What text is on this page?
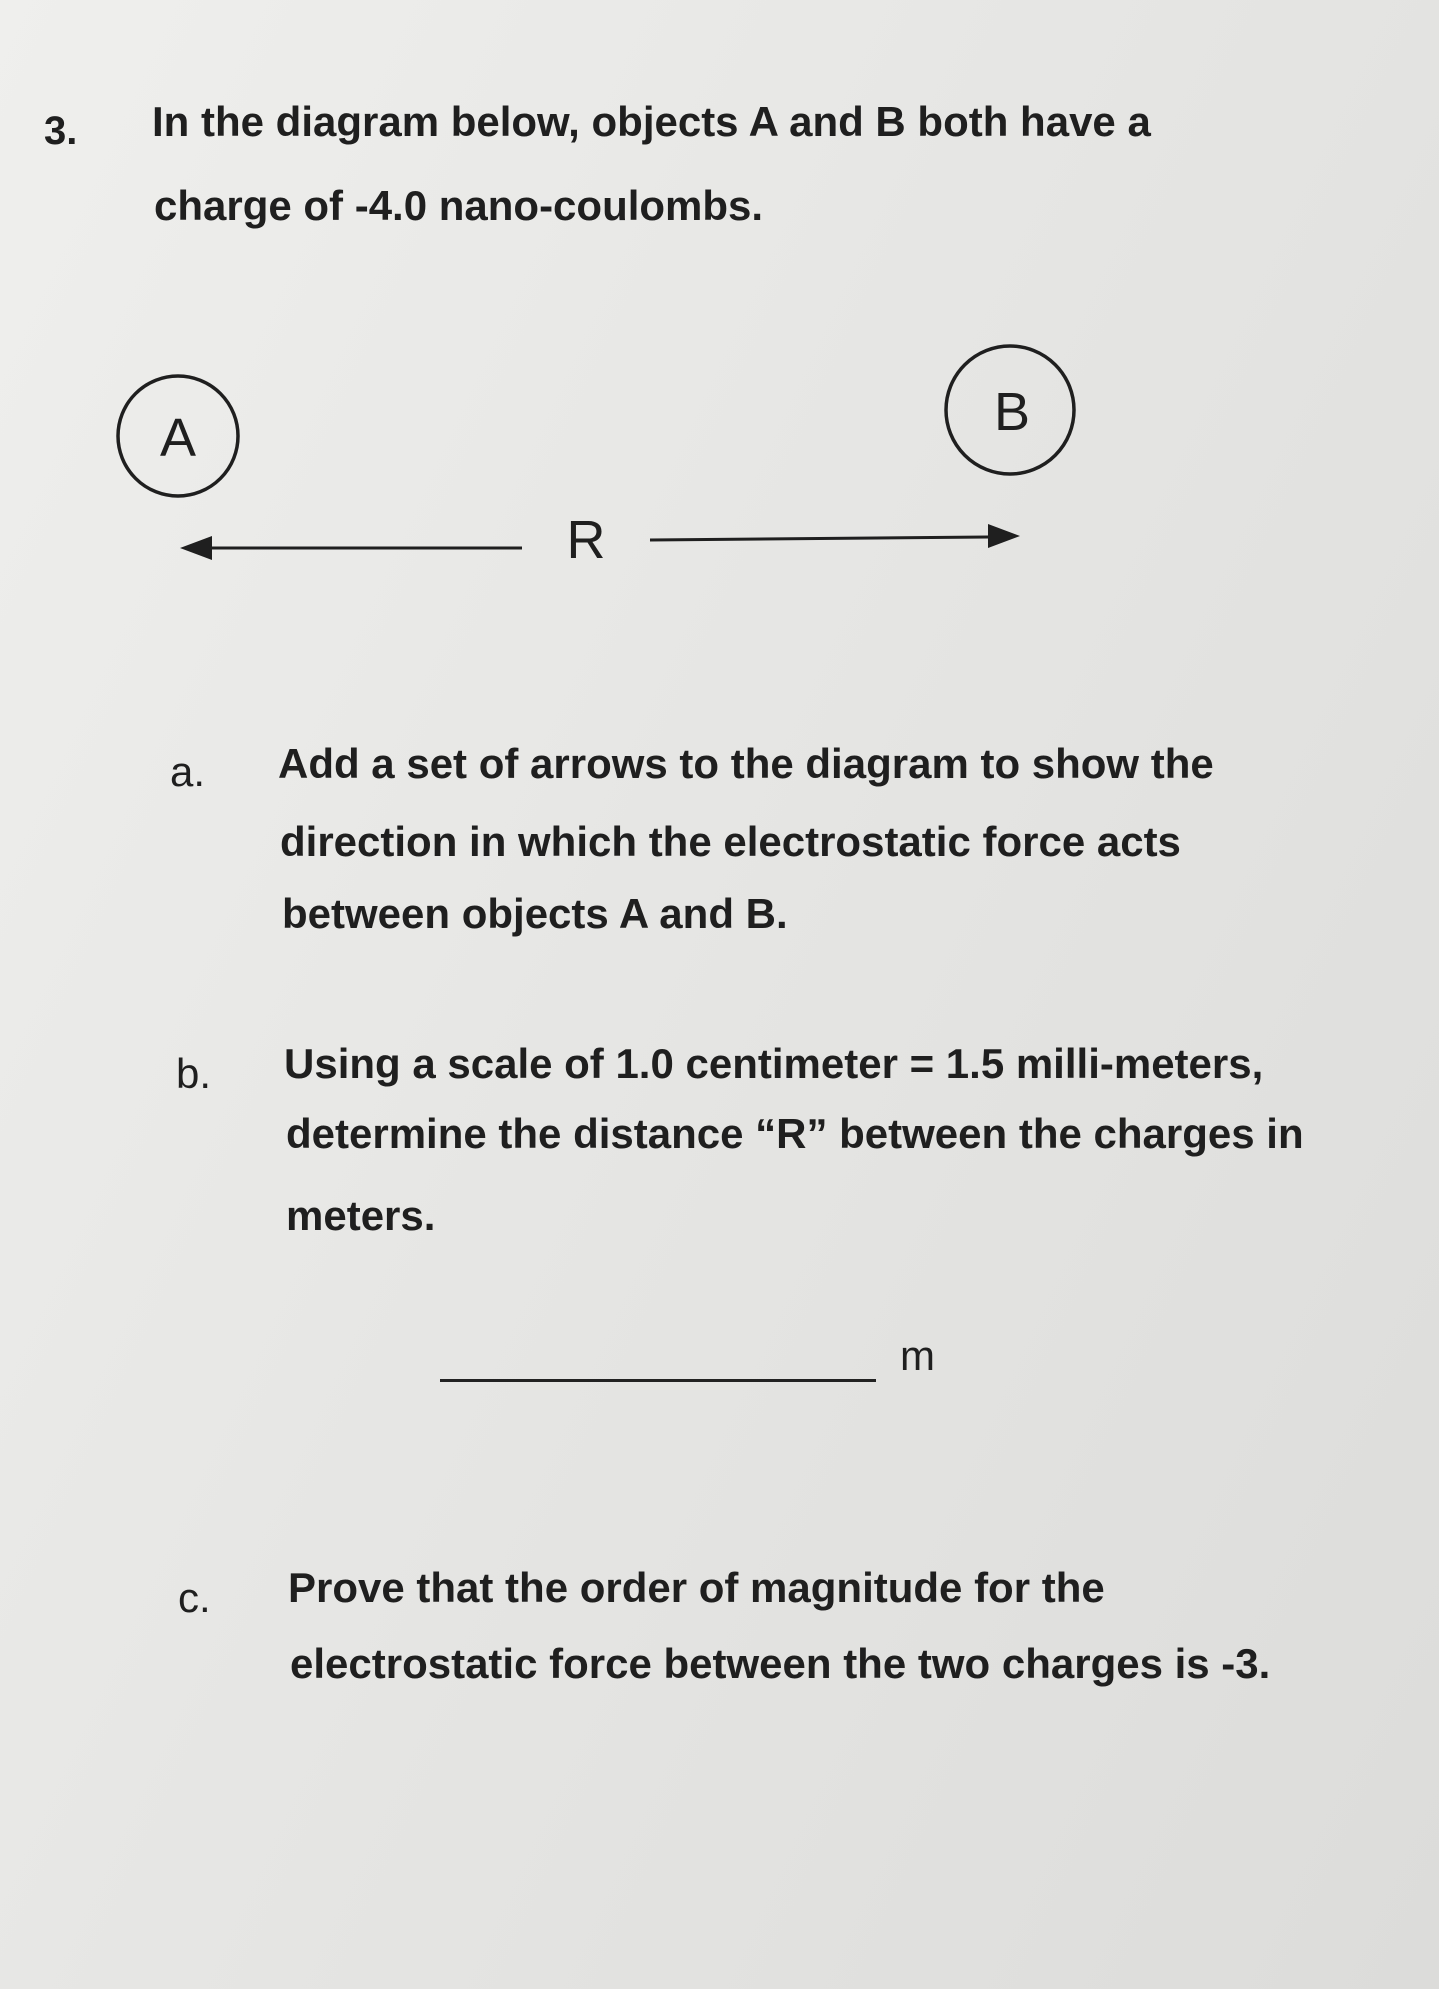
3. In the diagram below, objects A and B both have a
charge of -4.0 nano-coulombs.
A	B
R
a. Add a set of arrows to the diagram to show the
direction in which the electrostatic force acts
between objects A and B.
b. Using a scale of 1.0 centimeter = 1.5 milli-meters,
determine the distance “R” between the charges in
meters.
m
c. Prove that the order of magnitude for the
electrostatic force between the two charges is -3.
